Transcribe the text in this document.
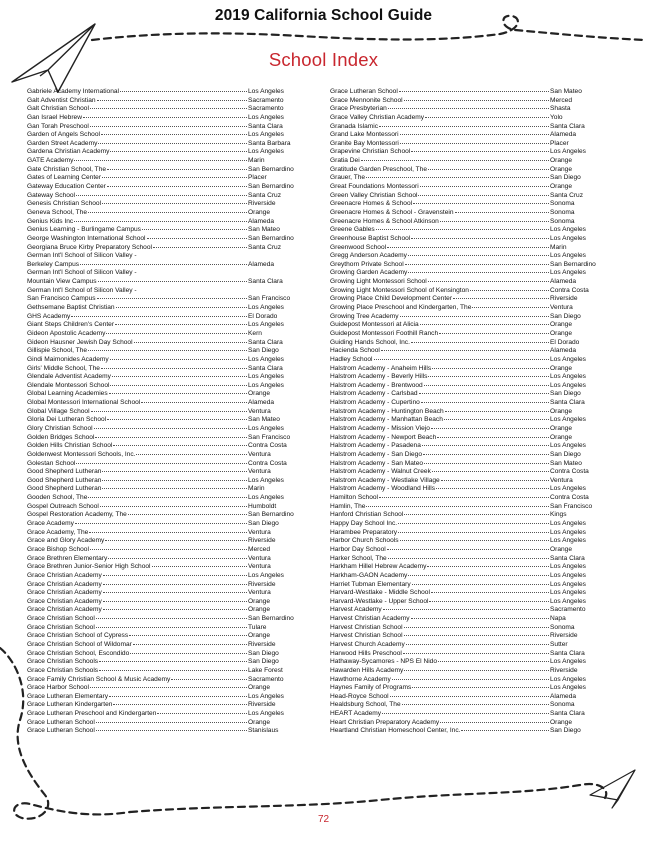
2019 California School Guide
School Index
Gabriele Academy International	Los Angeles
Galt Adventist Christian	Sacramento
Galt Christian School	Sacramento
Gan Israel Hebrew	Los Angeles
Gan Torah Preschool	Santa Clara
Garden of Angels School	Los Angeles
Garden Street Academy	Santa Barbara
Gardena Christian Academy	Los Angeles
GATE Academy	Marin
Gate Christian School, The	San Bernardino
Gates of Learning Center	Placer
Gateway Education Center	San Bernardino
Gateway School	Santa Cruz
Genesis Christian School	Riverside
Geneva School, The	Orange
Genius Kids Inc	Alameda
Genius Learning - Burlingame Campus	San Mateo
George Washington International School	San Bernardino
Georgiana Bruce Kirby Preparatory School	Santa Cruz
German Int'l School of Silicon Valley -
Berkeley Campus	Alameda
German Int'l School of Silicon Valley -
Mountain View Campus	Santa Clara
German Int'l School of Silicon Valley -
San Francisco Campus	San Francisco
Gethsemane Baptist Christian	Los Angeles
GHS Academy	El Dorado
Giant Steps Children's Center	Los Angeles
Gideon Apostolic Academy	Kern
Gideon Hausner Jewish Day School	Santa Clara
Gillispie School, The	San Diego
Gindi Maimonides Academy	Los Angeles
Girls' Middle School, The	Santa Clara
Glendale Adventist Academy	Los Angeles
Glendale Montessori School	Los Angeles
Global Learning Academies	Orange
Global Montessori International School	Alameda
Global Village School	Ventura
Gloria Dei Lutheran School	San Mateo
Glory Christian School	Los Angeles
Golden Bridges School	San Francisco
Golden Hills Christian School	Contra Costa
Goldenwest Montessori Schools, Inc.	Ventura
Golestan School	Contra Costa
Good Shepherd Lutheran	Ventura
Good Shepherd Lutheran	Los Angeles
Good Shepherd Lutheran	Marin
Gooden School, The	Los Angeles
Gospel Outreach School	Humboldt
Gospel Restoration Academy, The	San Bernardino
Grace Academy	San Diego
Grace Academy, The	Ventura
Grace and Glory Academy	Riverside
Grace Bishop School	Merced
Grace Brethren Elementary	Ventura
Grace Brethren Junior-Senior High School	Ventura
Grace Christian Academy	Los Angeles
Grace Christian Academy	Riverside
Grace Christian Academy	Ventura
Grace Christian Academy	Orange
Grace Christian Academy	Orange
Grace Christian School	San Bernardino
Grace Christian School	Tulare
Grace Christian School of Cypress	Orange
Grace Christian School of Wildomar	Riverside
Grace Christian School, Escondido	San Diego
Grace Christian Schools	San Diego
Grace Christian Schools	Lake Forest
Grace Family Christian School & Music Academy	Sacramento
Grace Harbor School	Orange
Grace Lutheran Elementary	Los Angeles
Grace Lutheran Kindergarten	Riverside
Grace Lutheran Preschool and Kindergarten	Los Angeles
Grace Lutheran School	Orange
Grace Lutheran School	Stanislaus
Grace Lutheran School	San Mateo
Grace Mennonite School	Merced
Grace Presbyterian	Shasta
Grace Valley Christian Academy	Yolo
Granada Islamic	Santa Clara
Grand Lake Montessori	Alameda
Granite Bay Montessori	Placer
Grapevine Christian School	Los Angeles
Gratia Dei	Orange
Gratitude Garden Preschool, The	Orange
Grauer, The	San Diego
Great Foundations Montessori	Orange
Green Valley Christian School	Santa Cruz
Greenacre Homes & School	Sonoma
Greenacre Homes & School - Gravenstein	Sonoma
Greenacre Homes & School Atkinson	Sonoma
Greene Gables	Los Angeles
Greenhouse Baptist School	Los Angeles
Greenwood School	Marin
Gregg Anderson Academy	Los Angeles
Greythorn Private School	San Bernardino
Growing Garden Academy	Los Angeles
Growing Light Montessori School	Alameda
Growing Light Montessori School of Kensington	Contra Costa
Growing Place Child Development Center	Riverside
Growing Place Preschool and Kindergarten, The	Ventura
Growing Tree Academy	San Diego
Guidepost Montessori at Alicia	Orange
Guidepost Montessori Foothill Ranch	Orange
Guiding Hands School, Inc.	El Dorado
Hacienda School	Alameda
Hadley School	Los Angeles
Halstrom Academy - Anaheim Hills	Orange
Halstrom Academy - Beverly Hills	Los Angeles
Halstrom Academy - Brentwood	Los Angeles
Halstrom Academy - Carlsbad	San Diego
Halstrom Academy - Cupertino	Santa Clara
Halstrom Academy - Huntington Beach	Orange
Halstrom Academy - Manhattan Beach	Los Angeles
Halstrom Academy - Mission Viejo	Orange
Halstrom Academy - Newport Beach	Orange
Halstrom Academy - Pasadena	Los Angeles
Halstrom Academy - San Diego	San Diego
Halstrom Academy - San Mateo	San Mateo
Halstrom Academy - Walnut Creek	Contra Costa
Halstrom Academy - Westlake Village	Ventura
Halstrom Academy - Woodland Hills	Los Angeles
Hamilton School	Contra Costa
Hamlin, The	San Francisco
Hanford Christian School	Kings
Happy Day School Inc.	Los Angeles
Harambee Preparatory	Los Angeles
Harbor Church Schools	Los Angeles
Harbor Day School	Orange
Harker School, The	Santa Clara
Harkham Hillel Hebrew Academy	Los Angeles
Harkham-GAON Academy	Los Angeles
Harriet Tubman Elementary	Los Angeles
Harvard-Westlake - Middle School	Los Angeles
Harvard-Westlake - Upper School	Los Angeles
Harvest Academy	Sacramento
Harvest Christian Academy	Napa
Harvest Christian School	Sonoma
Harvest Christian School	Riverside
Harvest Church Academy	Sutter
Harwood Hills Preschool	Santa Clara
Hathaway-Sycamores - NPS El Nido	Los Angeles
Hawarden Hills Academy	Riverside
Hawthorne Academy	Los Angeles
Haynes Family of Programs	Los Angeles
Head-Royce School	Alameda
Healdsburg School, The	Sonoma
HEART Academy	Santa Clara
Heart Christian Preparatory Academy	Orange
Heartland Christian Homeschool Center, Inc.	San Diego
72
